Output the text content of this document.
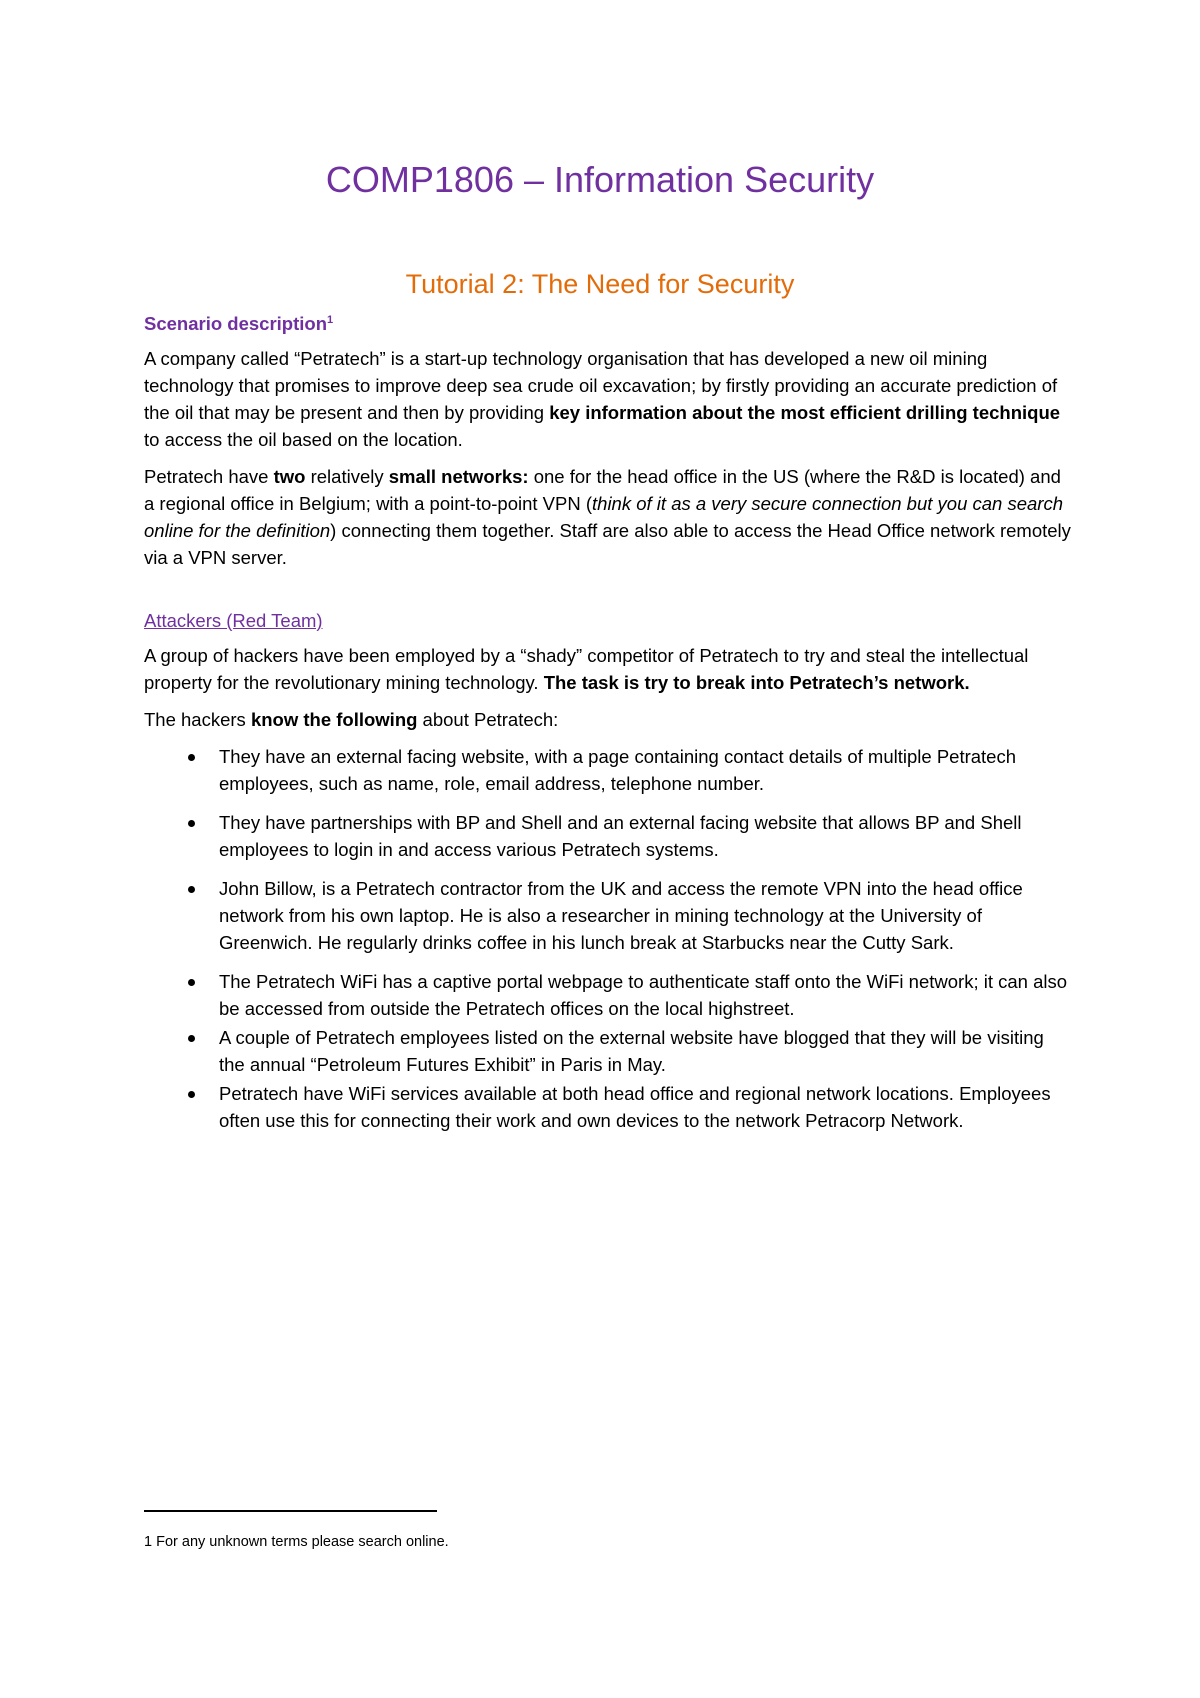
COMP1806 – Information Security
Tutorial 2: The Need for Security
Scenario description$^1$

A company called “Petratech” is a start-up technology organisation that has developed a new oil mining technology that promises to improve deep sea crude oil excavation; by firstly providing an accurate prediction of the oil that may be present and then by providing key information about the most efficient drilling technique to access the oil based on the location.

Petratech have two relatively small networks: one for the head office in the US (where the R&D is located) and a regional office in Belgium; with a point-to-point VPN (think of it as a very secure connection but you can search online for the definition) connecting them together. Staff are also able to access the Head Office network remotely via a VPN server.

Attackers (Red Team)

A group of hackers have been employed by a “shady” competitor of Petratech to try and steal the intellectual property for the revolutionary mining technology. The task is try to break into Petratech’s network.

The hackers know the following about Petratech:

They have an external facing website, with a page containing contact details of multiple Petratech employees, such as name, role, email address, telephone number.
They have partnerships with BP and Shell and an external facing website that allows BP and Shell employees to login in and access various Petratech systems.
John Billow, is a Petratech contractor from the UK and access the remote VPN into the head office network from his own laptop. He is also a researcher in mining technology at the University of Greenwich. He regularly drinks coffee in his lunch break at Starbucks near the Cutty Sark.
The Petratech WiFi has a captive portal webpage to authenticate staff onto the WiFi network; it can also be accessed from outside the Petratech offices on the local highstreet.
A couple of Petratech employees listed on the external website have blogged that they will be visiting the annual “Petroleum Futures Exhibit” in Paris in May.
Petratech have WiFi services available at both head office and regional network locations. Employees often use this for connecting their work and own devices to the network Petracorp Network.
1 For any unknown terms please search online.
